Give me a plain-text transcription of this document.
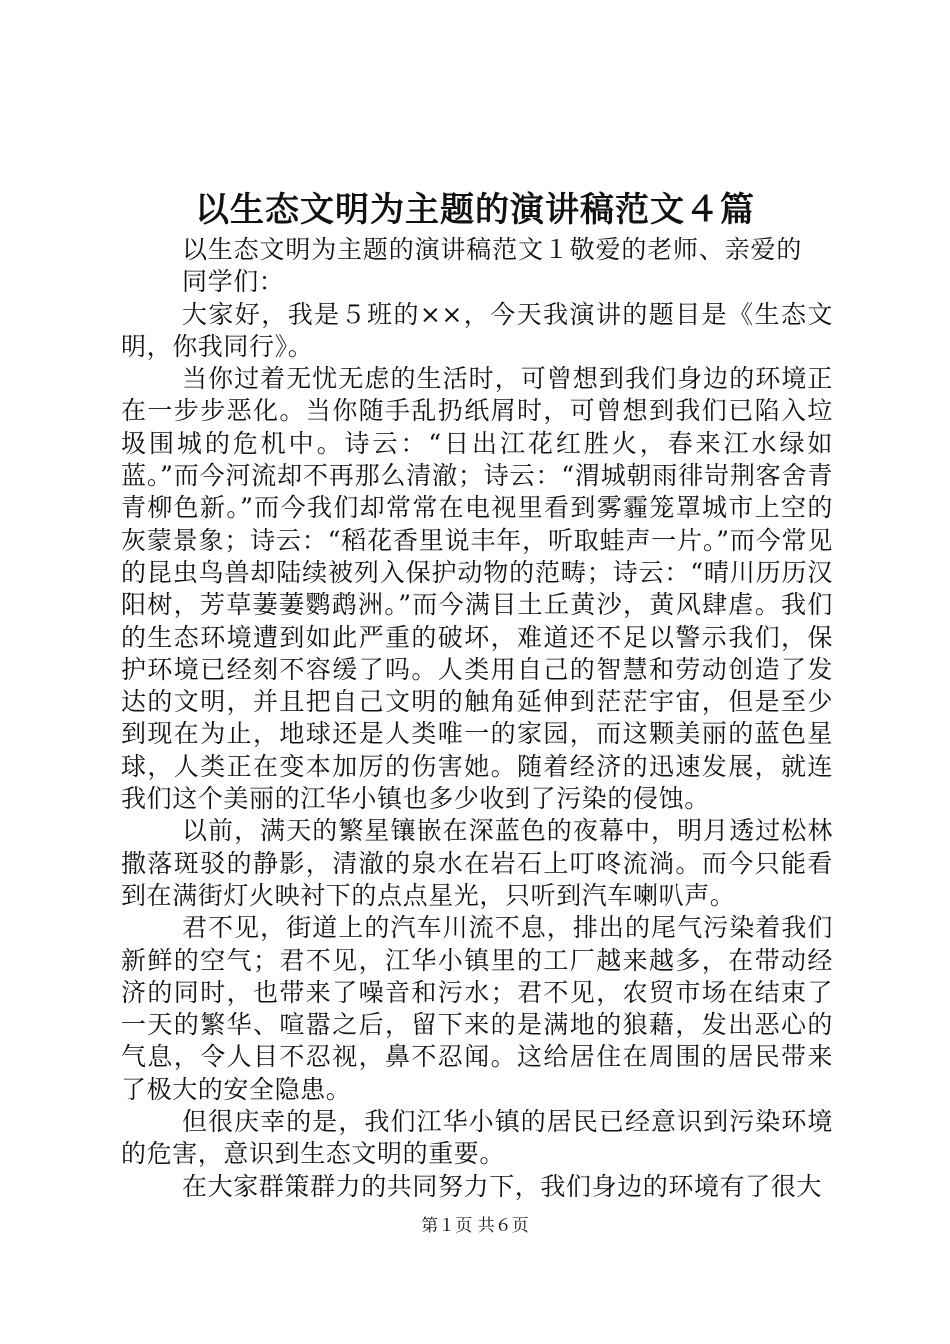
以生态文明为主题的演讲稿范文４篇

以生态文明为主题的演讲稿范文１敬爱的老师、亲爱的同学们：

大家好，我是５班的××，今天我演讲的题目是《生态文明，你我同行》。

当你过着无忧无虑的生活时，可曾想到我们身边的环境正在一步步恶化。当你随手乱扔纸屑时，可曾想到我们已陷入垃圾围城的危机中。诗云：“日出江花红胜火，春来江水绿如蓝。”而今河流却不再那么清澈；诗云：“渭城朝雨徘岢荆客舍青青柳色新。”而今我们却常常在电视里看到雾霾笼罩城市上空的灰蒙景象；诗云：“稻花香里说丰年，听取蛙声一片。”而今常见的昆虫鸟兽却陆续被列入保护动物的范畴；诗云：“晴川历历汉阳树，芳草萋萋鹦鹉洲。”而今满目土丘黄沙，黄风肆虐。我们的生态环境遭到如此严重的破坏，难道还不足以警示我们，保护环境已经刻不容缓了吗。人类用自己的智慧和劳动创造了发达的文明，并且把自己文明的触角延伸到茫茫宇宙，但是至少到现在为止，地球还是人类唯一的家园，而这颗美丽的蓝色星球，人类正在变本加厉的伤害她。随着经济的迅速发展，就连我们这个美丽的江华小镇也多少收到了污染的侵蚀。

以前，满天的繁星镶嵌在深蓝色的夜幕中，明月透过松林撒落斑驳的静影，清澈的泉水在岩石上叮咚流淌。而今只能看到在满街灯火映衬下的点点星光，只听到汽车喇叭声。

君不见，街道上的汽车川流不息，排出的尾气污染着我们新鲜的空气；君不见，江华小镇里的工厂越来越多，在带动经济的同时，也带来了噪音和污水；君不见，农贸市场在结束了一天的繁华、喧嚣之后，留下来的是满地的狼藉，发出恶心的气息，令人目不忍视，鼻不忍闻。这给居住在周围的居民带来了极大的安全隐患。

但很庆幸的是，我们江华小镇的居民已经意识到污染环境的危害，意识到生态文明的重要。

在大家群策群力的共同努力下，我们身边的环境有了很大

第１页 共６页
